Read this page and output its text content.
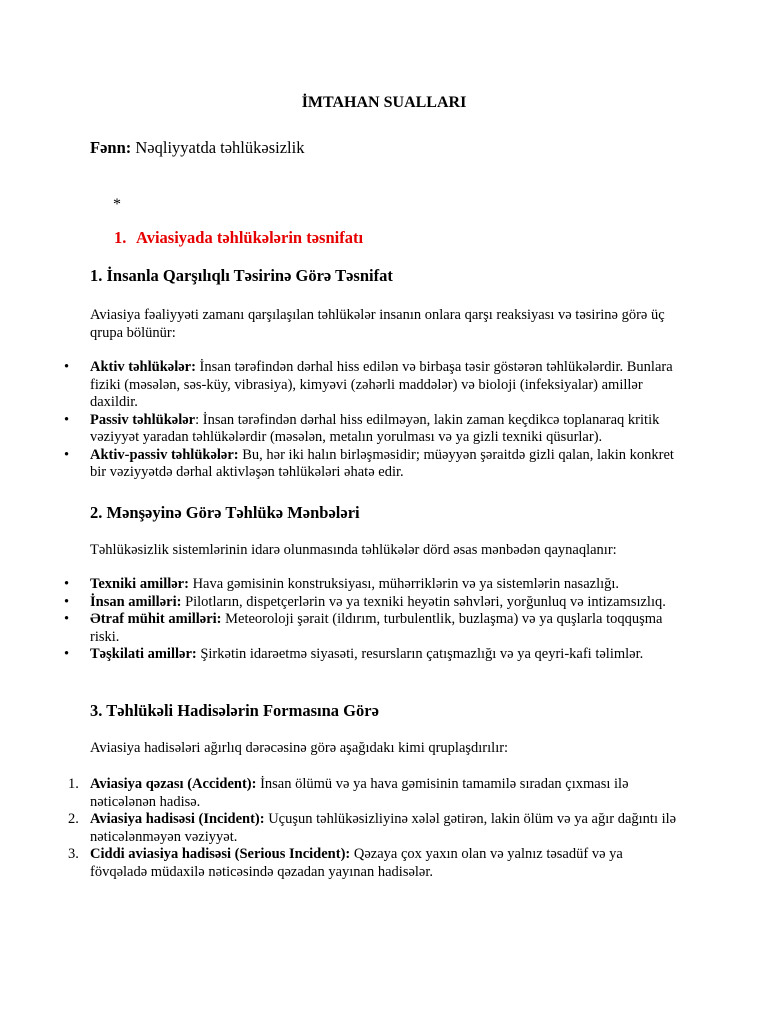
İMTAHAN SUALLARI
Fənn: Nəqliyyatda təhlükəsizlik
*
1. Aviasiyada təhlükələrin təsnifatı
1. İnsanla Qarşılıqlı Təsirinə Görə Təsnifat
Aviasiya fəaliyyəti zamanı qarşılaşılan təhlükələr insanın onlara qarşı reaksiyası və təsirinə görə üç qrupa bölünür:
• Aktiv təhlükələr: İnsan tərəfindən dərhal hiss edilən və birbaşa təsir göstərən təhlükələrdir. Bunlara fiziki (məsələn, səs-küy, vibrasiya), kimyəvi (zəhərli maddələr) və bioloji (infeksiyalar) amillər daxildir.
• Passiv təhlükələr: İnsan tərəfindən dərhal hiss edilməyən, lakin zaman keçdikcə toplanaraq kritik vəziyyət yaradan təhlükələrdir (məsələn, metalın yorulması və ya gizli texniki qüsurlar).
• Aktiv-passiv təhlükələr: Bu, hər iki halın birləşməsidir; müəyyən şəraitdə gizli qalan, lakin konkret bir vəziyyətdə dərhal aktivləşən təhlükələri əhatə edir.
2. Mənşəyinə Görə Təhlükə Mənbələri
Təhlükəsizlik sistemlərinin idarə olunmasında təhlükələr dörd əsas mənbədən qaynaqlanır:
• Texniki amillər: Hava gəmisinin konstruksiyası, mühərriklərin və ya sistemlərin nasazlığı.
• İnsan amilləri: Pilotların, dispetçerlərin və ya texniki heyətin səhvləri, yorğunluq və intizamsızlıq.
• Ətraf mühit amilləri: Meteoroloji şərait (ildırım, turbulentlik, buzlaşma) və ya quşlarla toqquşma riski.
• Təşkilati amillər: Şirkətin idarəetmə siyasəti, resursların çatışmazlığı və ya qeyri-kafi təlimlər.
3. Təhlükəli Hadisələrin Formasına Görə
Aviasiya hadisələri ağırlıq dərəcəsinə görə aşağıdakı kimi qruplaşdırılır:
1. Aviasiya qəzası (Accident): İnsan ölümü və ya hava gəmisinin tamamilə sıradan çıxması ilə nəticələnən hadisə.
2. Aviasiya hadisəsi (Incident): Uçuşun təhlükəsizliyinə xələl gətirən, lakin ölüm və ya ağır dağıntı ilə nəticələnməyən vəziyyət.
3. Ciddi aviasiya hadisəsi (Serious Incident): Qəzaya çox yaxın olan və yalnız təsadüf və ya fövqəladə müdaxilə nəticəsində qəzadan yayınan hadisələr.
